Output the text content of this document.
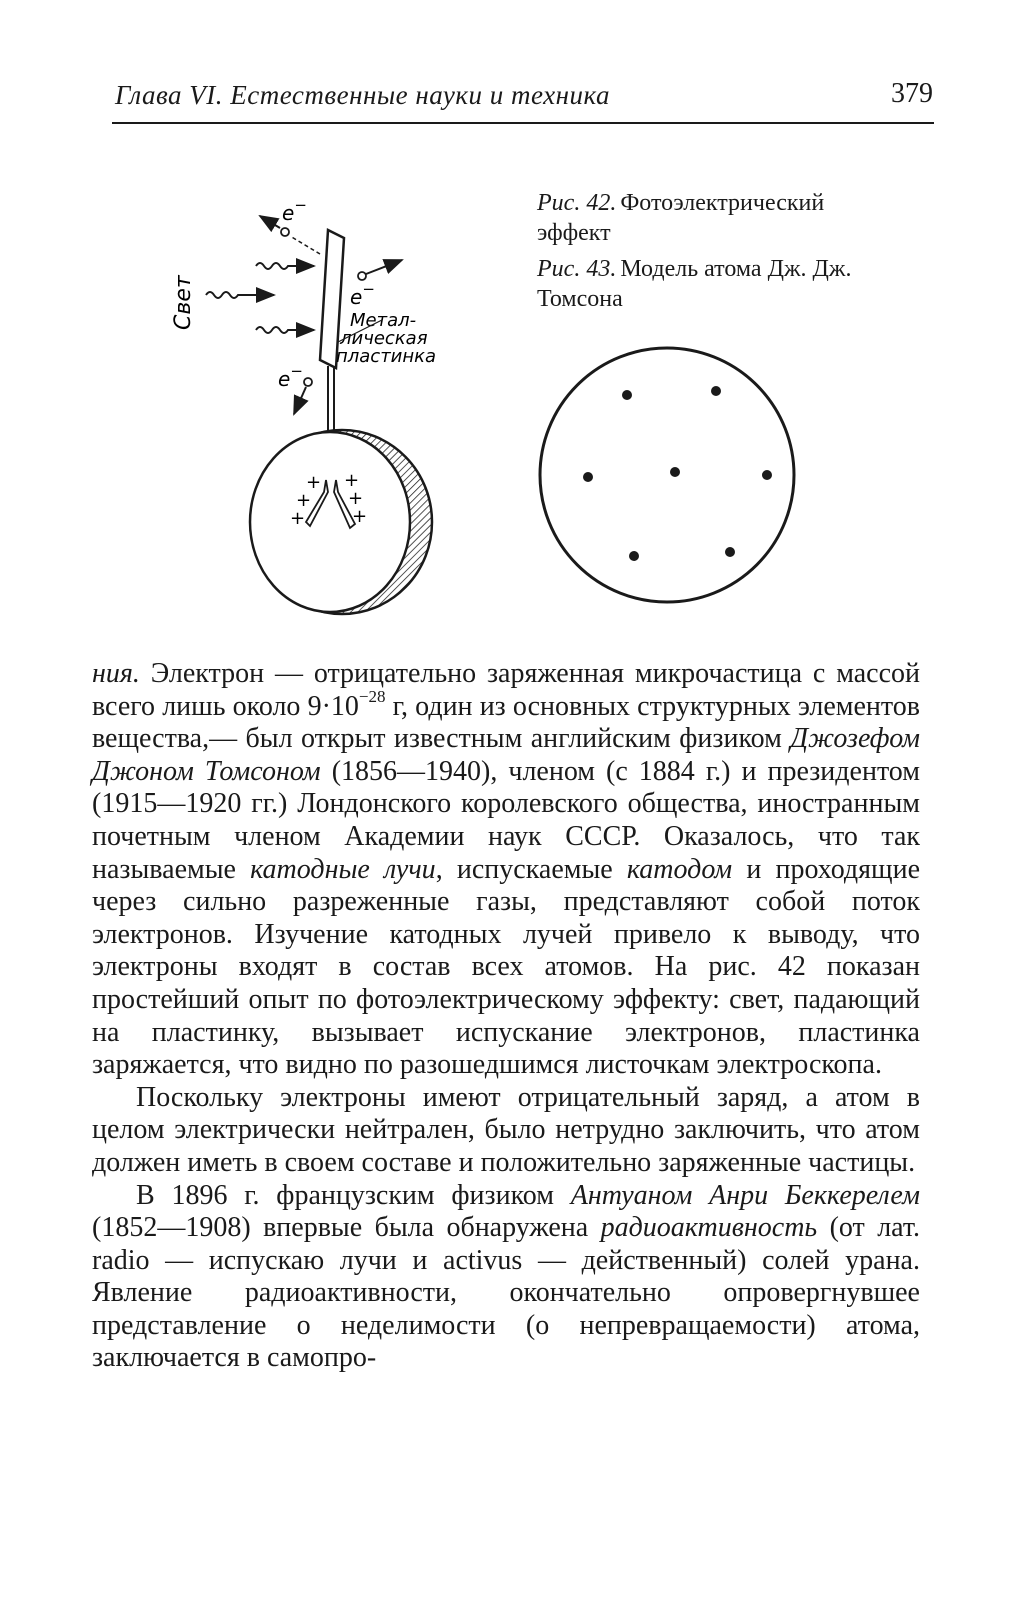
Глава VI. Естественные науки и техника	379
Свет
e−
e−
e−
Метал-
лическая
пластинка
+ +
+ +
+	+

Рис. 42. Фотоэлектрический эффект

Рис. 43. Модель атома Дж. Дж. Томсона

ния. Электрон — отрицательно заряженная микрочастица с массой всего лишь около $9\cdot 10^{-28}$ г, один из основных структурных элементов вещества,— был открыт известным английским физиком Джозефом Джоном Томсоном (1856—1940), членом (с 1884 г.) и президентом (1915—1920 гг.) Лондонского королевского общества, иностранным почетным членом Академии наук СССР. Оказалось, что так называемые катодные лучи, испускаемые катодом и проходящие через сильно разреженные газы, представляют собой поток электронов. Изучение катодных лучей привело к выводу, что электроны входят в состав всех атомов. На рис. 42 показан простейший опыт по фотоэлектрическому эффекту: свет, падающий на пластинку, вызывает испускание электронов, пластинка заряжается, что видно по разошедшимся листочкам электроскопа.

Поскольку электроны имеют отрицательный заряд, а атом в целом электрически нейтрален, было нетрудно заключить, что атом должен иметь в своем составе и положительно заряженные частицы.

В 1896 г. французским физиком Антуаном Анри Беккерелем (1852—1908) впервые была обнаружена радиоактивность (от лат. radio — испускаю лучи и activus — действенный) солей урана. Явление радиоактивности, окончательно опровергнувшее представление о неделимости (о непревращаемости) атома, заключается в самопро-
